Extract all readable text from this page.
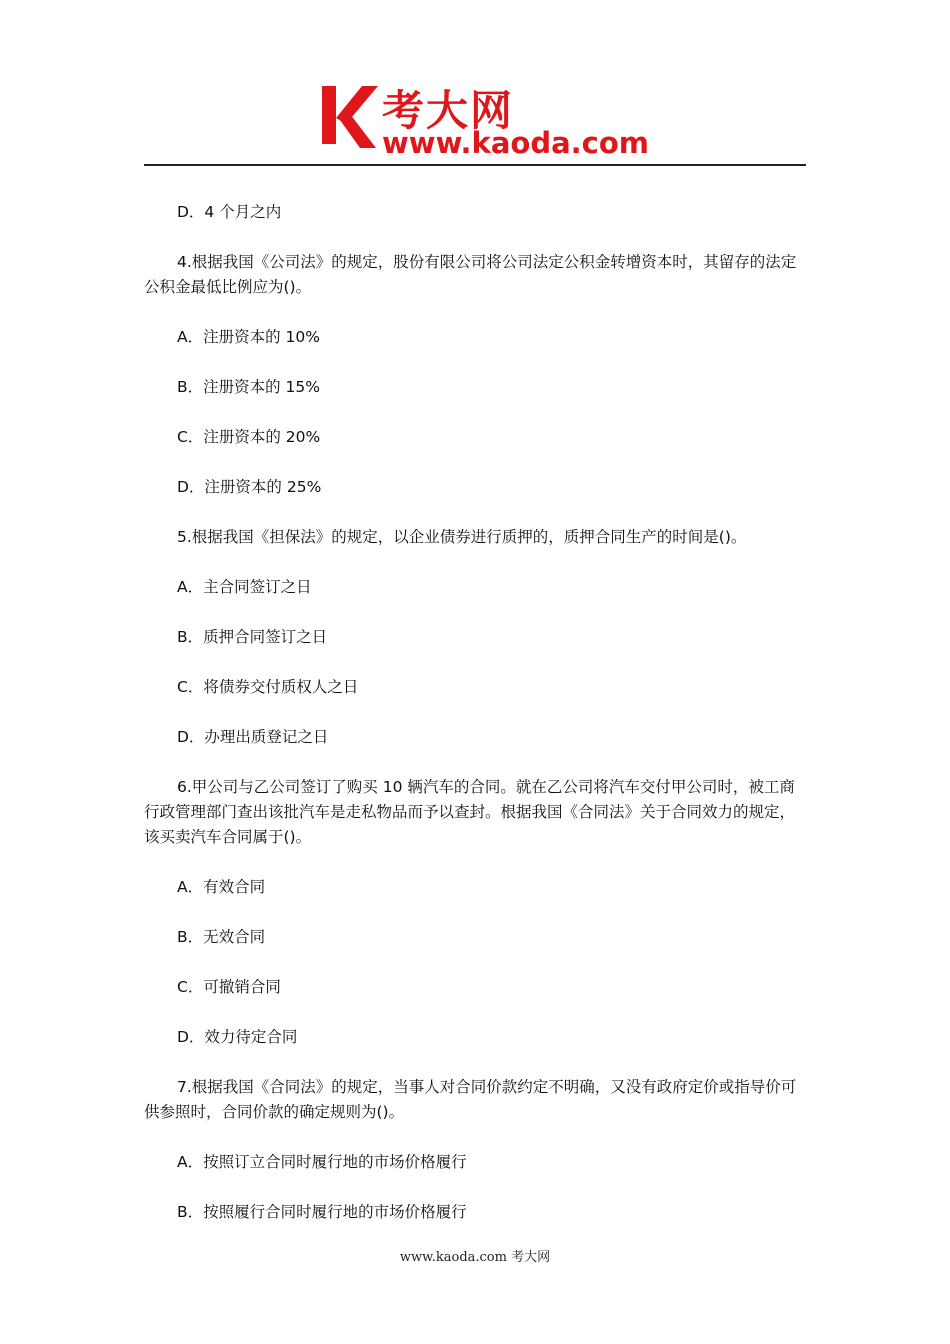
考大网
www.kaoda.com

D．4 个月之内

4.根据我国《公司法》的规定，股份有限公司将公司法定公积金转增资本时，其留存的法定公积金最低比例应为()。

A．注册资本的 10%

B．注册资本的 15%

C．注册资本的 20%

D．注册资本的 25%

5.根据我国《担保法》的规定，以企业债券进行质押的，质押合同生产的时间是()。

A．主合同签订之日

B．质押合同签订之日

C．将债券交付质权人之日

D．办理出质登记之日

6.甲公司与乙公司签订了购买 10 辆汽车的合同。就在乙公司将汽车交付甲公司时，被工商行政管理部门查出该批汽车是走私物品而予以查封。根据我国《合同法》关于合同效力的规定，该买卖汽车合同属于()。

A．有效合同

B．无效合同

C．可撤销合同

D．效力待定合同

7.根据我国《合同法》的规定，当事人对合同价款约定不明确，又没有政府定价或指导价可供参照时，合同价款的确定规则为()。

A．按照订立合同时履行地的市场价格履行

B．按照履行合同时履行地的市场价格履行

www.kaoda.com 考大网
